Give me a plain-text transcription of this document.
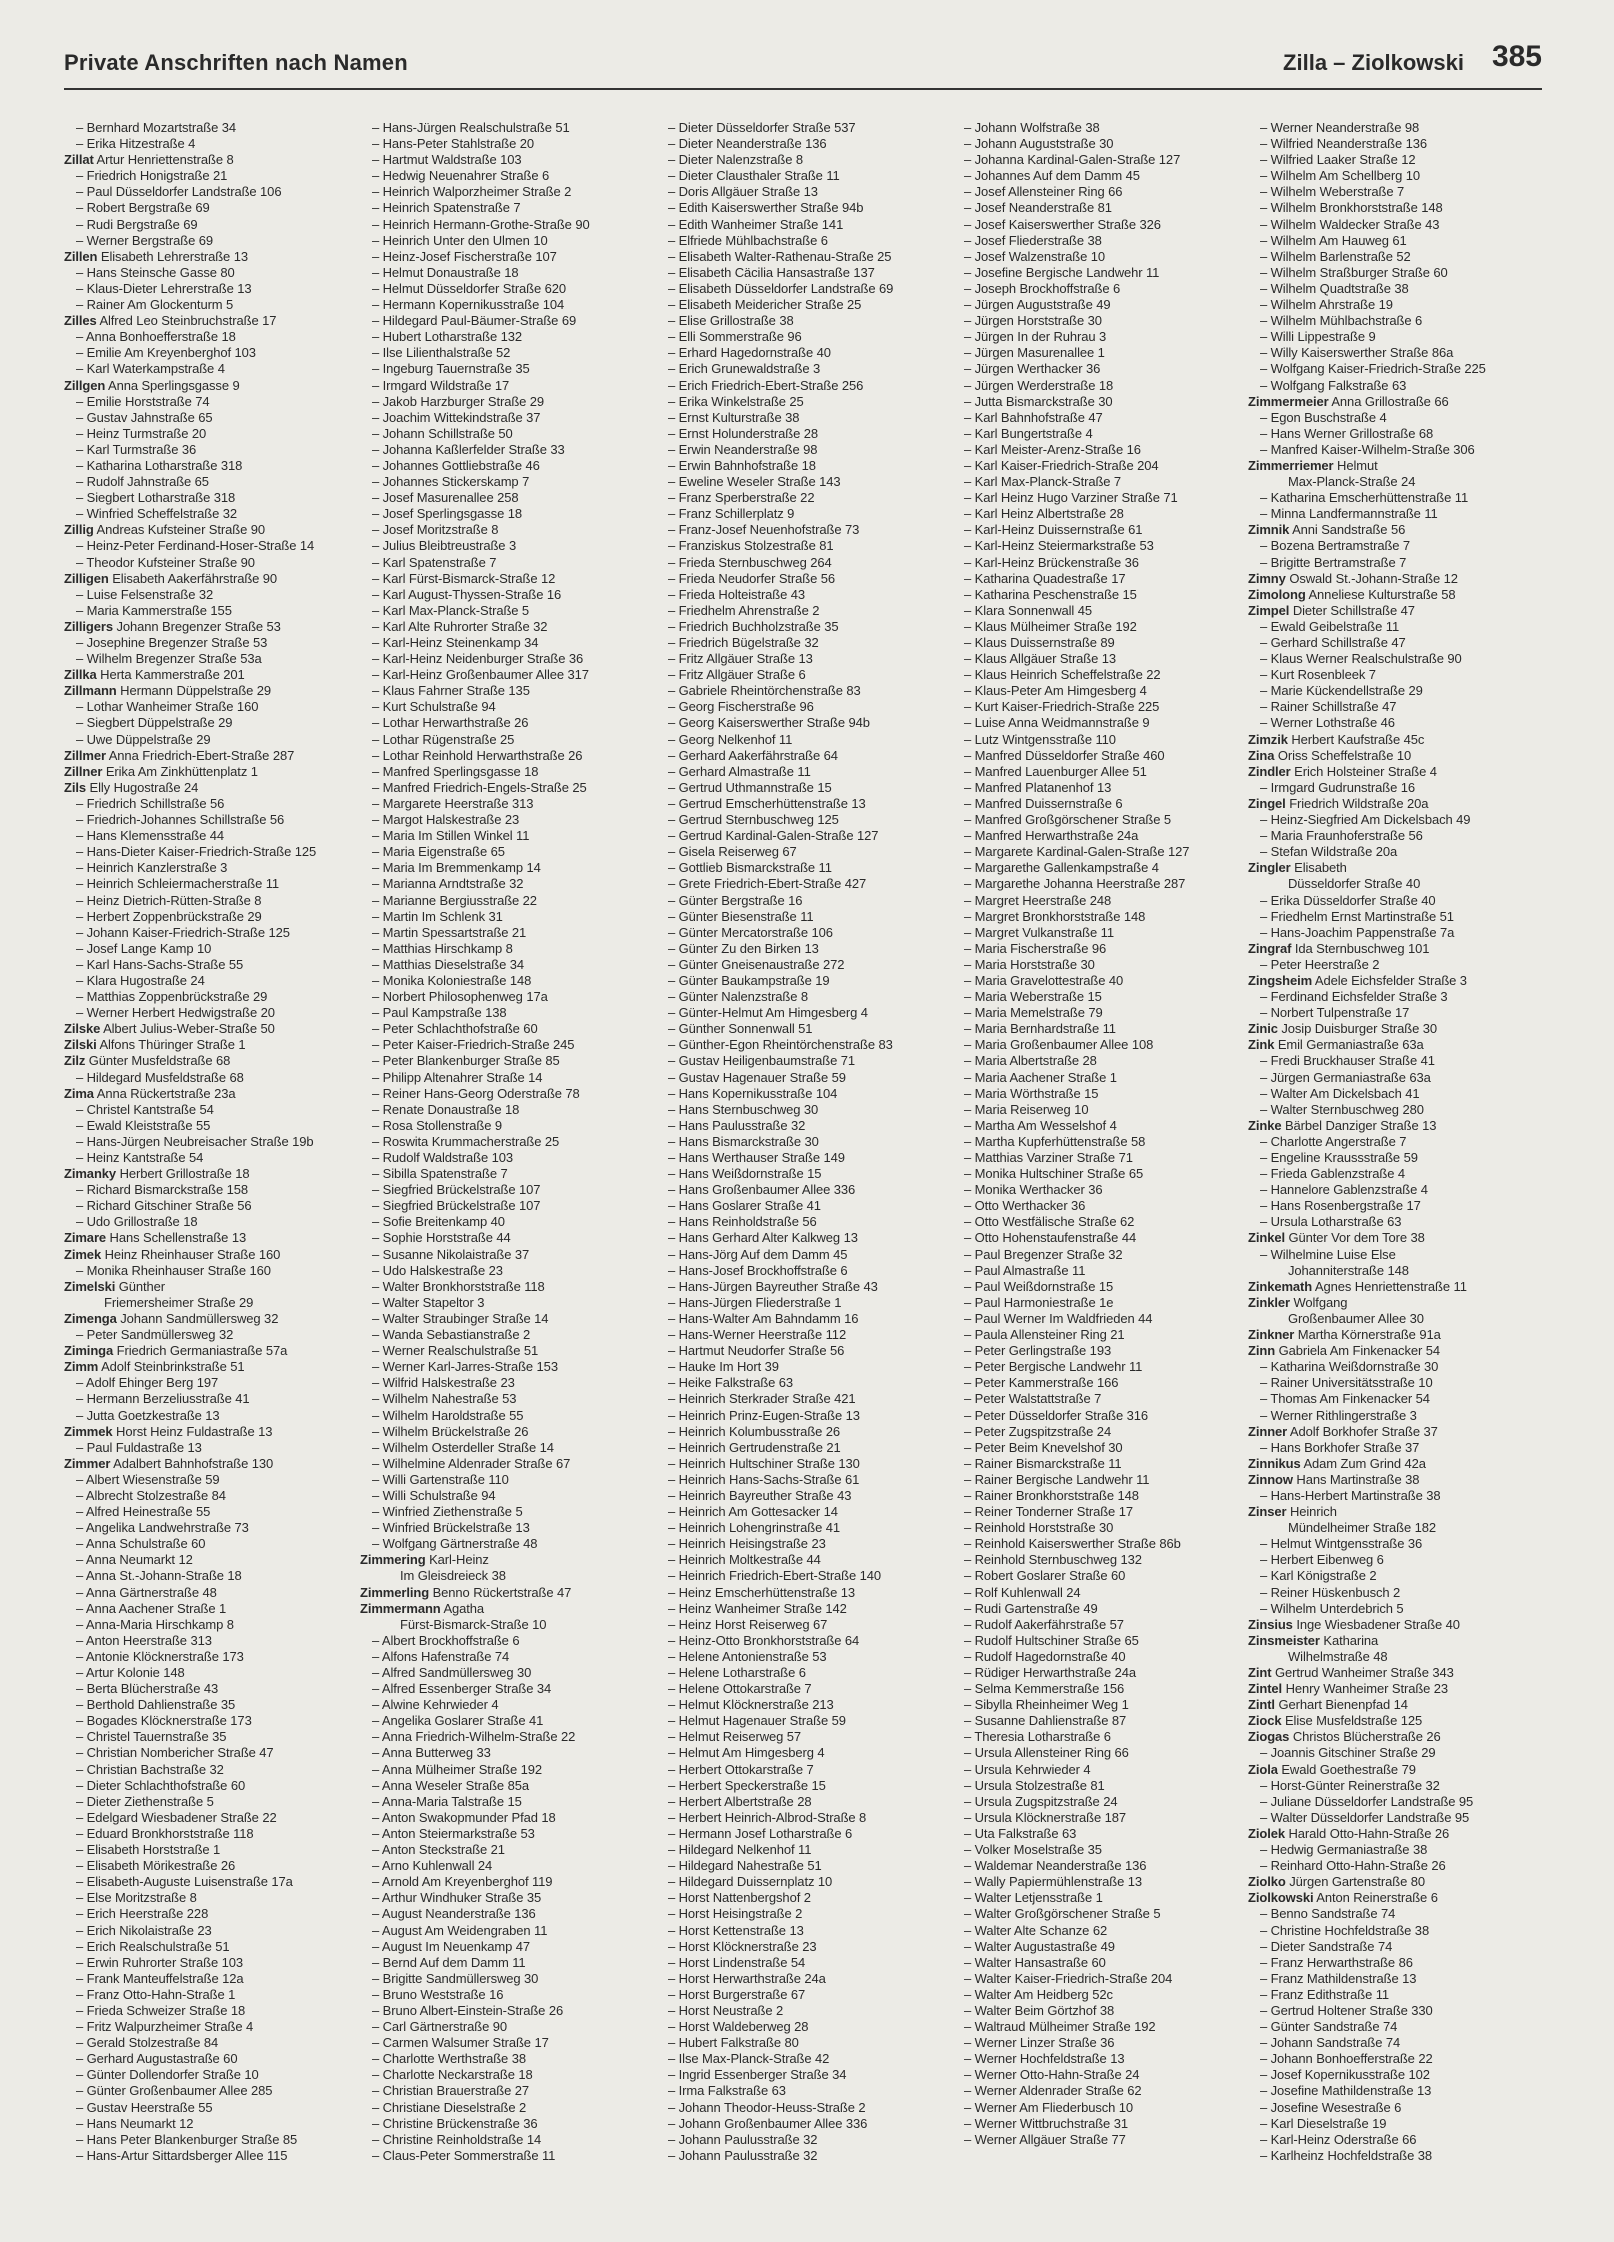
Private Anschriften nach Namen	Zilla – Ziolkowski 385
– Bernhard Mozartstraße 34
– Erika Hitzestraße 4
Zillat Artur Henriettenstraße 8
– Friedrich Honigstraße 21
– Paul Düsseldorfer Landstraße 106
– Robert Bergstraße 69
– Rudi Bergstraße 69
– Werner Bergstraße 69
Zillen Elisabeth Lehrerstraße 13
– Hans Steinsche Gasse 80
– Klaus-Dieter Lehrerstraße 13
– Rainer Am Glockenturm 5
Zilles Alfred Leo Steinbruchstraße 17
– Anna Bonhoefferstraße 18
– Emilie Am Kreyenberghof 103
– Karl Waterkampstraße 4
Zillgen Anna Sperlingsgasse 9
– Emilie Horststraße 74
– Gustav Jahnstraße 65
– Heinz Turmstraße 20
– Karl Turmstraße 36
– Katharina Lotharstraße 318
– Rudolf Jahnstraße 65
– Siegbert Lotharstraße 318
– Winfried Scheffelstraße 32
Zillig Andreas Kufsteiner Straße 90
– Heinz-Peter Ferdinand-Hoser-Straße 14
– Theodor Kufsteiner Straße 90
Zilligen Elisabeth Aakerfährstraße 90
– Luise Felsenstraße 32
– Maria Kammerstraße 155
Zilligers Johann Bregenzer Straße 53
– Josephine Bregenzer Straße 53
– Wilhelm Bregenzer Straße 53a
Zillka Herta Kammerstraße 201
Zillmann Hermann Düppelstraße 29
– Lothar Wanheimer Straße 160
– Siegbert Düppelstraße 29
– Uwe Düppelstraße 29
Zillmer Anna Friedrich-Ebert-Straße 287
Zillner Erika Am Zinkhüttenplatz 1
Zils Elly Hugostraße 24
– Friedrich Schillstraße 56
– Friedrich-Johannes Schillstraße 56
– Hans Klemensstraße 44
– Hans-Dieter Kaiser-Friedrich-Straße 125
– Heinrich Kanzlerstraße 3
– Heinrich Schleiermacherstraße 11
– Heinz Dietrich-Rütten-Straße 8
– Herbert Zoppenbrückstraße 29
– Johann Kaiser-Friedrich-Straße 125
– Josef Lange Kamp 10
– Karl Hans-Sachs-Straße 55
– Klara Hugostraße 24
– Matthias Zoppenbrückstraße 29
– Werner Herbert Hedwigstraße 20
Zilske Albert Julius-Weber-Straße 50
Zilski Alfons Thüringer Straße 1
Zilz Günter Musfeldstraße 68
– Hildegard Musfeldstraße 68
Zima Anna Rückertstraße 23a
– Christel Kantstraße 54
– Ewald Kleiststraße 55
– Hans-Jürgen Neubreisacher Straße 19b
– Heinz Kantstraße 54
Zimanky Herbert Grillostraße 18
– Richard Bismarckstraße 158
– Richard Gitschiner Straße 56
– Udo Grillostraße 18
Zimare Hans Schellenstraße 13
Zimek Heinz Rheinhauser Straße 160
– Monika Rheinhauser Straße 160
Zimelski Günther
Friemersheimer Straße 29
Zimenga Johann Sandmüllersweg 32
– Peter Sandmüllersweg 32
Ziminga Friedrich Germaniastraße 57a
Zimm Adolf Steinbrinkstraße 51
– Adolf Ehinger Berg 197
– Hermann Berzeliusstraße 41
– Jutta Goetzkestraße 13
Zimmek Horst Heinz Fuldastraße 13
– Paul Fuldastraße 13
Zimmer Adalbert Bahnhofstraße 130
– Albert Wiesenstraße 59
– Albrecht Stolzestraße 84
– Alfred Heinestraße 55
– Angelika Landwehrstraße 73
– Anna Schulstraße 60
– Anna Neumarkt 12
– Anna St.-Johann-Straße 18
– Anna Gärtnerstraße 48
– Anna Aachener Straße 1
– Anna-Maria Hirschkamp 8
– Anton Heerstraße 313
– Antonie Klöcknerstraße 173
– Artur Kolonie 148
– Berta Blücherstraße 43
– Berthold Dahlienstraße 35
– Bogades Klöcknerstraße 173
– Christel Tauernstraße 35
– Christian Nombericher Straße 47
– Christian Bachstraße 32
– Dieter Schlachthofstraße 60
– Dieter Ziethenstraße 5
– Edelgard Wiesbadener Straße 22
– Eduard Bronkhorststraße 118
– Elisabeth Horststraße 1
– Elisabeth Mörikestraße 26
– Elisabeth-Auguste Luisenstraße 17a
– Else Moritzstraße 8
– Erich Heerstraße 228
– Erich Nikolaistraße 23
– Erich Realschulstraße 51
– Erwin Ruhrorter Straße 103
– Frank Manteuffelstraße 12a
– Franz Otto-Hahn-Straße 1
– Frieda Schweizer Straße 18
– Fritz Walpurzheimer Straße 4
– Gerald Stolzestraße 84
– Gerhard Augustastraße 60
– Günter Dollendorfer Straße 10
– Günter Großenbaumer Allee 285
– Gustav Heerstraße 55
– Hans Neumarkt 12
– Hans Peter Blankenburger Straße 85
– Hans-Artur Sittardsberger Allee 115
– Hans-Jürgen Realschulstraße 51
– Hans-Peter Stahlstraße 20
– Hartmut Waldstraße 103
– Hedwig Neuenahrer Straße 6
– Heinrich Walporzheimer Straße 2
– Heinrich Spatenstraße 7
– Heinrich Hermann-Grothe-Straße 90
– Heinrich Unter den Ulmen 10
– Heinz-Josef Fischerstraße 107
– Helmut Donaustraße 18
– Helmut Düsseldorfer Straße 620
– Hermann Kopernikusstraße 104
– Hildegard Paul-Bäumer-Straße 69
– Hubert Lotharstraße 132
– Ilse Lilienthalstraße 52
– Ingeburg Tauernstraße 35
– Irmgard Wildstraße 17
– Jakob Harzburger Straße 29
– Joachim Wittekindstraße 37
– Johann Schillstraße 50
– Johanna Kaßlerfelder Straße 33
– Johannes Gottliebstraße 46
– Johannes Stickerskamp 7
– Josef Masurenallee 258
– Josef Sperlingsgasse 18
– Josef Moritzstraße 8
– Julius Bleibtreustraße 3
– Karl Spatenstraße 7
– Karl Fürst-Bismarck-Straße 12
– Karl August-Thyssen-Straße 16
– Karl Max-Planck-Straße 5
– Karl Alte Ruhrorter Straße 32
– Karl-Heinz Steinenkamp 34
– Karl-Heinz Neidenburger Straße 36
– Karl-Heinz Großenbaumer Allee 317
– Klaus Fahrner Straße 135
– Kurt Schulstraße 94
– Lothar Herwarthstraße 26
– Lothar Rügenstraße 25
– Lothar Reinhold Herwarthstraße 26
– Manfred Sperlingsgasse 18
– Manfred Friedrich-Engels-Straße 25
– Margarete Heerstraße 313
– Margot Halskestraße 23
– Maria Im Stillen Winkel 11
– Maria Eigenstraße 65
– Maria Im Bremmenkamp 14
– Marianna Arndtstraße 32
– Marianne Bergiusstraße 22
– Martin Im Schlenk 31
– Martin Spessartstraße 21
– Matthias Hirschkamp 8
– Matthias Dieselstraße 34
– Monika Koloniestraße 148
– Norbert Philosophenweg 17a
– Paul Kampstraße 138
– Peter Schlachthofstraße 60
– Peter Kaiser-Friedrich-Straße 245
– Peter Blankenburger Straße 85
– Philipp Altenahrer Straße 14
– Reiner Hans-Georg Oderstraße 78
– Renate Donaustraße 18
– Rosa Stollenstraße 9
– Roswita Krummacherstraße 25
– Rudolf Waldstraße 103
– Sibilla Spatenstraße 7
– Siegfried Brückelstraße 107
– Siegfried Brückelstraße 107
– Sofie Breitenkamp 40
– Sophie Horststraße 44
– Susanne Nikolaistraße 37
– Udo Halskestraße 23
– Walter Bronkhorststraße 118
– Walter Stapeltor 3
– Walter Straubinger Straße 14
– Wanda Sebastianstraße 2
– Werner Realschulstraße 51
– Werner Karl-Jarres-Straße 153
– Wilfrid Halskestraße 23
– Wilhelm Nahestraße 53
– Wilhelm Haroldstraße 55
– Wilhelm Brückelstraße 26
– Wilhelm Osterdeller Straße 14
– Wilhelmine Aldenrader Straße 67
– Willi Gartenstraße 110
– Willi Schulstraße 94
– Winfried Ziethenstraße 5
– Winfried Brückelstraße 13
– Wolfgang Gärtnerstraße 48
Zimmering Karl-Heinz
Im Gleisdreieck 38
Zimmerling Benno Rückertstraße 47
Zimmermann Agatha
Fürst-Bismarck-Straße 10
– Albert Brockhoffstraße 6
– Alfons Hafenstraße 74
– Alfred Sandmüllersweg 30
– Alfred Essenberger Straße 34
– Alwine Kehrwieder 4
– Angelika Goslarer Straße 41
– Anna Friedrich-Wilhelm-Straße 22
– Anna Butterweg 33
– Anna Mülheimer Straße 192
– Anna Weseler Straße 85a
– Anna-Maria Talstraße 15
– Anton Swakopmunder Pfad 18
– Anton Steiermarkstraße 53
– Anton Steckstraße 21
– Arno Kuhlenwall 24
– Arnold Am Kreyenberghof 119
– Arthur Windhuker Straße 35
– August Neanderstraße 136
– August Am Weidengraben 11
– August Im Neuenkamp 47
– Bernd Auf dem Damm 11
– Brigitte Sandmüllersweg 30
– Bruno Weststraße 16
– Bruno Albert-Einstein-Straße 26
– Carl Gärtnerstraße 90
– Carmen Walsumer Straße 17
– Charlotte Werthstraße 38
– Charlotte Neckarstraße 18
– Christian Brauerstraße 27
– Christiane Dieselstraße 2
– Christine Brückenstraße 36
– Christine Reinholdstraße 14
– Claus-Peter Sommerstraße 11
– Dieter Düsseldorfer Straße 537
– Dieter Neanderstraße 136
– Dieter Nalenzstraße 8
– Dieter Clausthaler Straße 11
– Doris Allgäuer Straße 13
– Edith Kaiserswerther Straße 94b
– Edith Wanheimer Straße 141
– Elfriede Mühlbachstraße 6
– Elisabeth Walter-Rathenau-Straße 25
– Elisabeth Cäcilia Hansastraße 137
– Elisabeth Düsseldorfer Landstraße 69
– Elisabeth Meidericher Straße 25
– Elise Grillostraße 38
– Elli Sommerstraße 96
– Erhard Hagedornstraße 40
– Erich Grunewaldstraße 3
– Erich Friedrich-Ebert-Straße 256
– Erika Winkelstraße 25
– Ernst Kulturstraße 38
– Ernst Holunderstraße 28
– Erwin Neanderstraße 98
– Erwin Bahnhofstraße 18
– Eweline Weseler Straße 143
– Franz Sperberstraße 22
– Franz Schillerplatz 9
– Franz-Josef Neuenhofstraße 73
– Franziskus Stolzestraße 81
– Frieda Sternbuschweg 264
– Frieda Neudorfer Straße 56
– Frieda Holteistraße 43
– Friedhelm Ahrenstraße 2
– Friedrich Buchholzstraße 35
– Friedrich Bügelstraße 32
– Fritz Allgäuer Straße 13
– Fritz Allgäuer Straße 6
– Gabriele Rheintörchenstraße 83
– Georg Fischerstraße 96
– Georg Kaiserswerther Straße 94b
– Georg Nelkenhof 11
– Gerhard Aakerfährstraße 64
– Gerhard Almastraße 11
– Gertrud Uthmannstraße 15
– Gertrud Emscherhüttenstraße 13
– Gertrud Sternbuschweg 125
– Gertrud Kardinal-Galen-Straße 127
– Gisela Reiserweg 67
– Gottlieb Bismarckstraße 11
– Grete Friedrich-Ebert-Straße 427
– Günter Bergstraße 16
– Günter Biesenstraße 11
– Günter Mercatorstraße 106
– Günter Zu den Birken 13
– Günter Gneisenaustraße 272
– Günter Baukampstraße 19
– Günter Nalenzstraße 8
– Günter-Helmut Am Himgesberg 4
– Günther Sonnenwall 51
– Günther-Egon Rheintörchenstraße 83
– Gustav Heiligenbaumstraße 71
– Gustav Hagenauer Straße 59
– Hans Kopernikusstraße 104
– Hans Sternbuschweg 30
– Hans Paulusstraße 32
– Hans Bismarckstraße 30
– Hans Werthauser Straße 149
– Hans Weißdornstraße 15
– Hans Großenbaumer Allee 336
– Hans Goslarer Straße 41
– Hans Reinholdstraße 56
– Hans Gerhard Alter Kalkweg 13
– Hans-Jörg Auf dem Damm 45
– Hans-Josef Brockhoffstraße 6
– Hans-Jürgen Bayreuther Straße 43
– Hans-Jürgen Fliederstraße 1
– Hans-Walter Am Bahndamm 16
– Hans-Werner Heerstraße 112
– Hartmut Neudorfer Straße 56
– Hauke Im Hort 39
– Heike Falkstraße 63
– Heinrich Sterkrader Straße 421
– Heinrich Prinz-Eugen-Straße 13
– Heinrich Kolumbusstraße 26
– Heinrich Gertrudenstraße 21
– Heinrich Hultschiner Straße 130
– Heinrich Hans-Sachs-Straße 61
– Heinrich Bayreuther Straße 43
– Heinrich Am Gottesacker 14
– Heinrich Lohengrinstraße 41
– Heinrich Heisingstraße 23
– Heinrich Moltkestraße 44
– Heinrich Friedrich-Ebert-Straße 140
– Heinz Emscherhüttenstraße 13
– Heinz Wanheimer Straße 142
– Heinz Horst Reiserweg 67
– Heinz-Otto Bronkhorststraße 64
– Helene Antonienstraße 53
– Helene Lotharstraße 6
– Helene Ottokarstraße 7
– Helmut Klöcknerstraße 213
– Helmut Hagenauer Straße 59
– Helmut Reiserweg 57
– Helmut Am Himgesberg 4
– Herbert Ottokarstraße 7
– Herbert Speckerstraße 15
– Herbert Albertstraße 28
– Herbert Heinrich-Albrod-Straße 8
– Hermann Josef Lotharstraße 6
– Hildegard Nelkenhof 11
– Hildegard Nahestraße 51
– Hildegard Duissernplatz 10
– Horst Nattenbergshof 2
– Horst Heisingstraße 2
– Horst Kettenstraße 13
– Horst Klöcknerstraße 23
– Horst Lindenstraße 54
– Horst Herwarthstraße 24a
– Horst Burgerstraße 67
– Horst Neustraße 2
– Horst Waldeberweg 28
– Hubert Falkstraße 80
– Ilse Max-Planck-Straße 42
– Ingrid Essenberger Straße 34
– Irma Falkstraße 63
– Johann Theodor-Heuss-Straße 2
– Johann Großenbaumer Allee 336
– Johann Paulusstraße 32
– Johann Paulusstraße 32
– Johann Wolfstraße 38
– Johann Auguststraße 30
– Johanna Kardinal-Galen-Straße 127
– Johannes Auf dem Damm 45
– Josef Allensteiner Ring 66
– Josef Neanderstraße 81
– Josef Kaiserswerther Straße 326
– Josef Fliederstraße 38
– Josef Walzenstraße 10
– Josefine Bergische Landwehr 11
– Joseph Brockhoffstraße 6
– Jürgen Auguststraße 49
– Jürgen Horststraße 30
– Jürgen In der Ruhrau 3
– Jürgen Masurenallee 1
– Jürgen Werthacker 36
– Jürgen Werderstraße 18
– Jutta Bismarckstraße 30
– Karl Bahnhofstraße 47
– Karl Bungertstraße 4
– Karl Meister-Arenz-Straße 16
– Karl Kaiser-Friedrich-Straße 204
– Karl Max-Planck-Straße 7
– Karl Heinz Hugo Varziner Straße 71
– Karl Heinz Albertstraße 28
– Karl-Heinz Duissernstraße 61
– Karl-Heinz Steiermarkstraße 53
– Karl-Heinz Brückenstraße 36
– Katharina Quadestraße 17
– Katharina Peschenstraße 15
– Klara Sonnenwall 45
– Klaus Mülheimer Straße 192
– Klaus Duissernstraße 89
– Klaus Allgäuer Straße 13
– Klaus Heinrich Scheffelstraße 22
– Klaus-Peter Am Himgesberg 4
– Kurt Kaiser-Friedrich-Straße 225
– Luise Anna Weidmannstraße 9
– Lutz Wintgensstraße 110
– Manfred Düsseldorfer Straße 460
– Manfred Lauenburger Allee 51
– Manfred Platanenhof 13
– Manfred Duissernstraße 6
– Manfred Großgörschener Straße 5
– Manfred Herwarthstraße 24a
– Margarete Kardinal-Galen-Straße 127
– Margarethe Gallenkampstraße 4
– Margarethe Johanna Heerstraße 287
– Margret Heerstraße 248
– Margret Bronkhorststraße 148
– Margret Vulkanstraße 11
– Maria Fischerstraße 96
– Maria Horststraße 30
– Maria Gravelottestraße 40
– Maria Weberstraße 15
– Maria Memelstraße 79
– Maria Bernhardstraße 11
– Maria Großenbaumer Allee 108
– Maria Albertstraße 28
– Maria Aachener Straße 1
– Maria Wörthstraße 15
– Maria Reiserweg 10
– Martha Am Wesselshof 4
– Martha Kupferhüttenstraße 58
– Matthias Varziner Straße 71
– Monika Hultschiner Straße 65
– Monika Werthacker 36
– Otto Werthacker 36
– Otto Westfälische Straße 62
– Otto Hohenstaufenstraße 44
– Paul Bregenzer Straße 32
– Paul Almastraße 11
– Paul Weißdornstraße 15
– Paul Harmoniestraße 1e
– Paul Werner Im Waldfrieden 44
– Paula Allensteiner Ring 21
– Peter Gerlingstraße 193
– Peter Bergische Landwehr 11
– Peter Kammerstraße 166
– Peter Walstattstraße 7
– Peter Düsseldorfer Straße 316
– Peter Zugspitzstraße 24
– Peter Beim Knevelshof 30
– Rainer Bismarckstraße 11
– Rainer Bergische Landwehr 11
– Rainer Bronkhorststraße 148
– Reiner Tonderner Straße 17
– Reinhold Horststraße 30
– Reinhold Kaiserswerther Straße 86b
– Reinhold Sternbuschweg 132
– Robert Goslarer Straße 60
– Rolf Kuhlenwall 24
– Rudi Gartenstraße 49
– Rudolf Aakerfährstraße 57
– Rudolf Hultschiner Straße 65
– Rudolf Hagedornstraße 40
– Rüdiger Herwarthstraße 24a
– Selma Kemmerstraße 156
– Sibylla Rheinheimer Weg 1
– Susanne Dahlienstraße 87
– Theresia Lotharstraße 6
– Ursula Allensteiner Ring 66
– Ursula Kehrwieder 4
– Ursula Stolzestraße 81
– Ursula Zugspitzstraße 24
– Ursula Klöcknerstraße 187
– Uta Falkstraße 63
– Volker Moselstraße 35
– Waldemar Neanderstraße 136
– Wally Papiermühlenstraße 13
– Walter Letjensstraße 1
– Walter Großgörschener Straße 5
– Walter Alte Schanze 62
– Walter Augustastraße 49
– Walter Hansastraße 60
– Walter Kaiser-Friedrich-Straße 204
– Walter Am Heidberg 52c
– Walter Beim Görtzhof 38
– Waltraud Mülheimer Straße 192
– Werner Linzer Straße 36
– Werner Hochfeldstraße 13
– Werner Otto-Hahn-Straße 24
– Werner Aldenrader Straße 62
– Werner Am Fliederbusch 10
– Werner Wittbruchstraße 31
– Werner Allgäuer Straße 77
– Werner Neanderstraße 98
– Wilfried Neanderstraße 136
– Wilfried Laaker Straße 12
– Wilhelm Am Schellberg 10
– Wilhelm Weberstraße 7
– Wilhelm Bronkhorststraße 148
– Wilhelm Waldecker Straße 43
– Wilhelm Am Hauweg 61
– Wilhelm Barlenstraße 52
– Wilhelm Straßburger Straße 60
– Wilhelm Quadtstraße 38
– Wilhelm Ahrstraße 19
– Wilhelm Mühlbachstraße 6
– Willi Lippestraße 9
– Willy Kaiserswerther Straße 86a
– Wolfgang Kaiser-Friedrich-Straße 225
– Wolfgang Falkstraße 63
Zimmermeier Anna Grillostraße 66
– Egon Buschstraße 4
– Hans Werner Grillostraße 68
– Manfred Kaiser-Wilhelm-Straße 306
Zimmerriemer Helmut
Max-Planck-Straße 24
– Katharina Emscherhüttenstraße 11
– Minna Landfermannstraße 11
Zimnik Anni Sandstraße 56
– Bozena Bertramstraße 7
– Brigitte Bertramstraße 7
Zimny Oswald St.-Johann-Straße 12
Zimolong Anneliese Kulturstraße 58
Zimpel Dieter Schillstraße 47
– Ewald Geibelstraße 11
– Gerhard Schillstraße 47
– Klaus Werner Realschulstraße 90
– Kurt Rosenbleek 7
– Marie Kückendellstraße 29
– Rainer Schillstraße 47
– Werner Lothstraße 46
Zimzik Herbert Kaufstraße 45c
Zina Oriss Scheffelstraße 10
Zindler Erich Holsteiner Straße 4
– Irmgard Gudrunstraße 16
Zingel Friedrich Wildstraße 20a
– Heinz-Siegfried Am Dickelsbach 49
– Maria Fraunhoferstraße 56
– Stefan Wildstraße 20a
Zingler Elisabeth
Düsseldorfer Straße 40
– Erika Düsseldorfer Straße 40
– Friedhelm Ernst Martinstraße 51
– Hans-Joachim Pappenstraße 7a
Zingraf Ida Sternbuschweg 101
– Peter Heerstraße 2
Zingsheim Adele Eichsfelder Straße 3
– Ferdinand Eichsfelder Straße 3
– Norbert Tulpenstraße 17
Zinic Josip Duisburger Straße 30
Zink Emil Germaniastraße 63a
– Fredi Bruckhauser Straße 41
– Jürgen Germaniastraße 63a
– Walter Am Dickelsbach 41
– Walter Sternbuschweg 280
Zinke Bärbel Danziger Straße 13
– Charlotte Angerstraße 7
– Engeline Kraussstraße 59
– Frieda Gablenzstraße 4
– Hannelore Gablenzstraße 4
– Hans Rosenbergstraße 17
– Ursula Lotharstraße 63
Zinkel Günter Vor dem Tore 38
– Wilhelmine Luise Else
Johanniterstraße 148
Zinkemath Agnes Henriettenstraße 11
Zinkler Wolfgang
Großenbaumer Allee 30
Zinkner Martha Körnerstraße 91a
Zinn Gabriela Am Finkenacker 54
– Katharina Weißdornstraße 30
– Rainer Universitätsstraße 10
– Thomas Am Finkenacker 54
– Werner Rithlingerstraße 3
Zinner Adolf Borkhofer Straße 37
– Hans Borkhofer Straße 37
Zinnikus Adam Zum Grind 42a
Zinnow Hans Martinstraße 38
– Hans-Herbert Martinstraße 38
Zinser Heinrich
Mündelheimer Straße 182
– Helmut Wintgensstraße 36
– Herbert Eibenweg 6
– Karl Königstraße 2
– Reiner Hüskenbusch 2
– Wilhelm Unterdebrich 5
Zinsius Inge Wiesbadener Straße 40
Zinsmeister Katharina
Wilhelmstraße 48
Zint Gertrud Wanheimer Straße 343
Zintel Henry Wanheimer Straße 23
Zintl Gerhart Bienenpfad 14
Ziock Elise Musfeldstraße 125
Ziogas Christos Blücherstraße 26
– Joannis Gitschiner Straße 29
Ziola Ewald Goethestraße 79
– Horst-Günter Reinerstraße 32
– Juliane Düsseldorfer Landstraße 95
– Walter Düsseldorfer Landstraße 95
Ziolek Harald Otto-Hahn-Straße 26
– Hedwig Germaniastraße 38
– Reinhard Otto-Hahn-Straße 26
Ziolko Jürgen Gartenstraße 80
Ziolkowski Anton Reinerstraße 6
– Benno Sandstraße 74
– Christine Hochfeldstraße 38
– Dieter Sandstraße 74
– Franz Herwarthstraße 86
– Franz Mathildenstraße 13
– Franz Edithstraße 11
– Gertrud Holtener Straße 330
– Günter Sandstraße 74
– Johann Sandstraße 74
– Johann Bonhoefferstraße 22
– Josef Kopernikusstraße 102
– Josefine Mathildenstraße 13
– Josefine Wesestraße 6
– Karl Dieselstraße 19
– Karl-Heinz Oderstraße 66
– Karlheinz Hochfeldstraße 38
